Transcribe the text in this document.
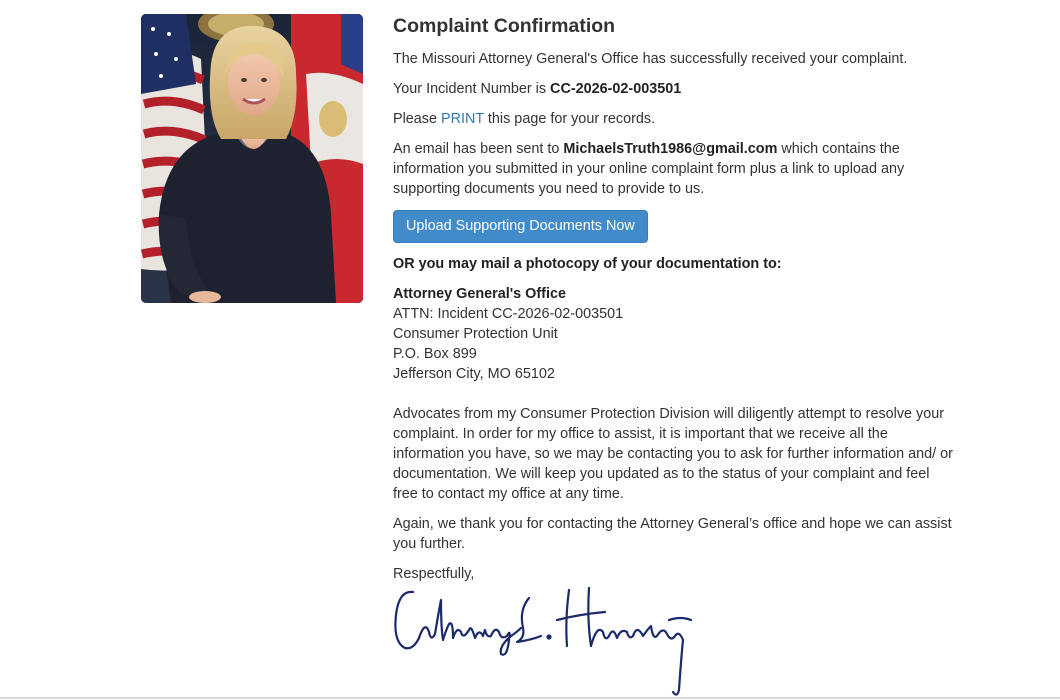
Complaint Confirmation

The Missouri Attorney General's Office has successfully received your complaint.

Your Incident Number is CC-2026-02-003501

Please PRINT this page for your records.

An email has been sent to MichaelsTruth1986@gmail.com which contains the information you submitted in your online complaint form plus a link to upload any supporting documents you need to provide to us.

Upload Supporting Documents Now

OR you may mail a photocopy of your documentation to:

Attorney General's Office
ATTN: Incident CC-2026-02-003501
Consumer Protection Unit
P.O. Box 899
Jefferson City, MO 65102

Advocates from my Consumer Protection Division will diligently attempt to resolve your complaint. In order for my office to assist, it is important that we receive all the information you have, so we may be contacting you to ask for further information and/ or documentation. We will keep you updated as to the status of your complaint and feel free to contact my office at any time.

Again, we thank you for contacting the Attorney General’s office and hope we can assist you further.

Respectfully,
